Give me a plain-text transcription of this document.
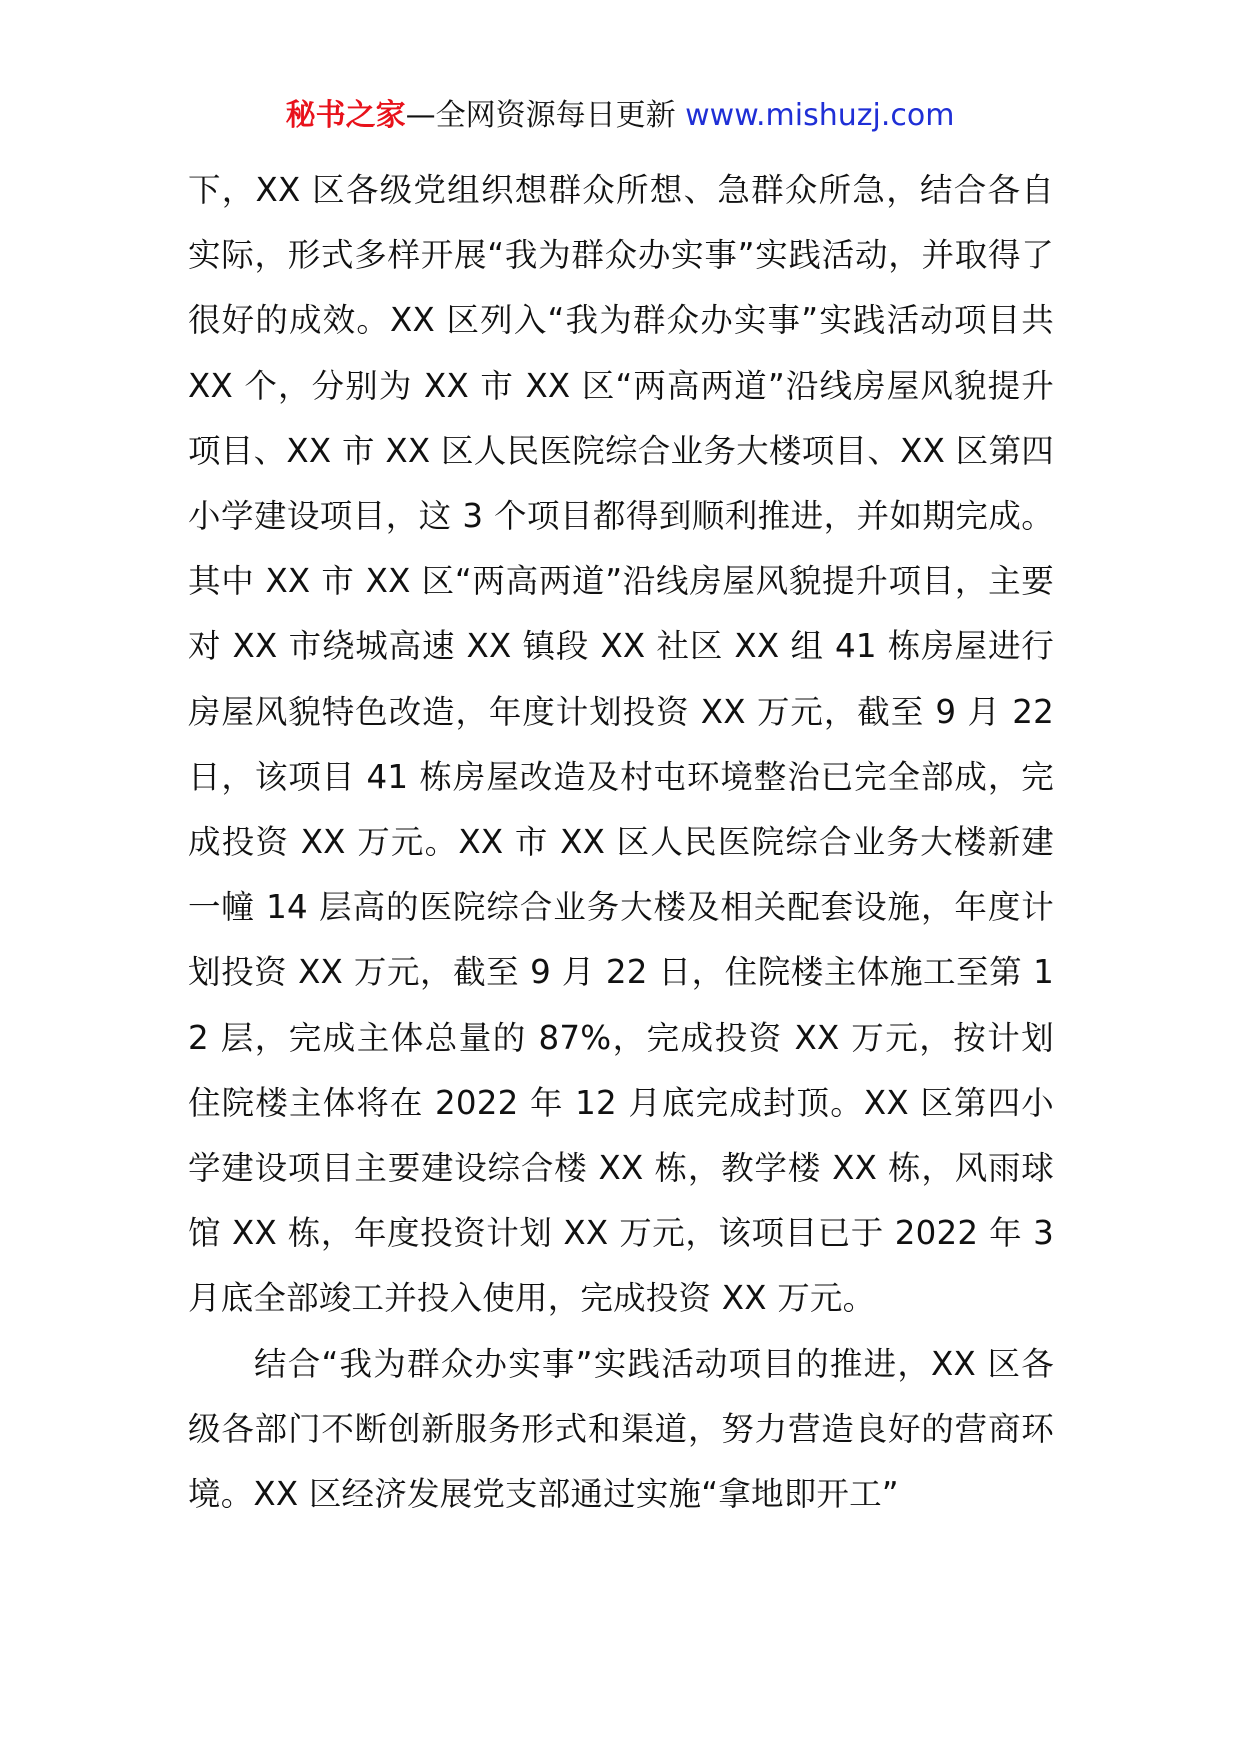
秘书之家—全网资源每日更新 www.mishuzj.com

下，XX 区各级党组织想群众所想、急群众所急，结合各自实际，形式多样开展“我为群众办实事”实践活动，并取得了很好的成效。XX 区列入“我为群众办实事”实践活动项目共 XX 个，分别为 XX 市 XX 区“两高两道”沿线房屋风貌提升项目、XX 市 XX 区人民医院综合业务大楼项目、XX 区第四小学建设项目，这 3 个项目都得到顺利推进，并如期完成。其中 XX 市 XX 区“两高两道”沿线房屋风貌提升项目，主要对 XX 市绕城高速 XX 镇段 XX 社区 XX 组 41 栋房屋进行房屋风貌特色改造，年度计划投资 XX 万元，截至 9 月 22 日，该项目 41 栋房屋改造及村屯环境整治已完全部成，完成投资 XX 万元。XX 市 XX 区人民医院综合业务大楼新建一幢 14 层高的医院综合业务大楼及相关配套设施，年度计划投资 XX 万元，截至 9 月 22 日，住院楼主体施工至第 12 层，完成主体总量的 87%，完成投资 XX 万元，按计划住院楼主体将在 2022 年 12 月底完成封顶。XX 区第四小学建设项目主要建设综合楼 XX 栋，教学楼 XX 栋，风雨球馆 XX 栋，年度投资计划 XX 万元，该项目已于 2022 年 3 月底全部竣工并投入使用，完成投资 XX 万元。

结合“我为群众办实事”实践活动项目的推进，XX 区各级各部门不断创新服务形式和渠道，努力营造良好的营商环境。XX 区经济发展党支部通过实施“拿地即开工”
